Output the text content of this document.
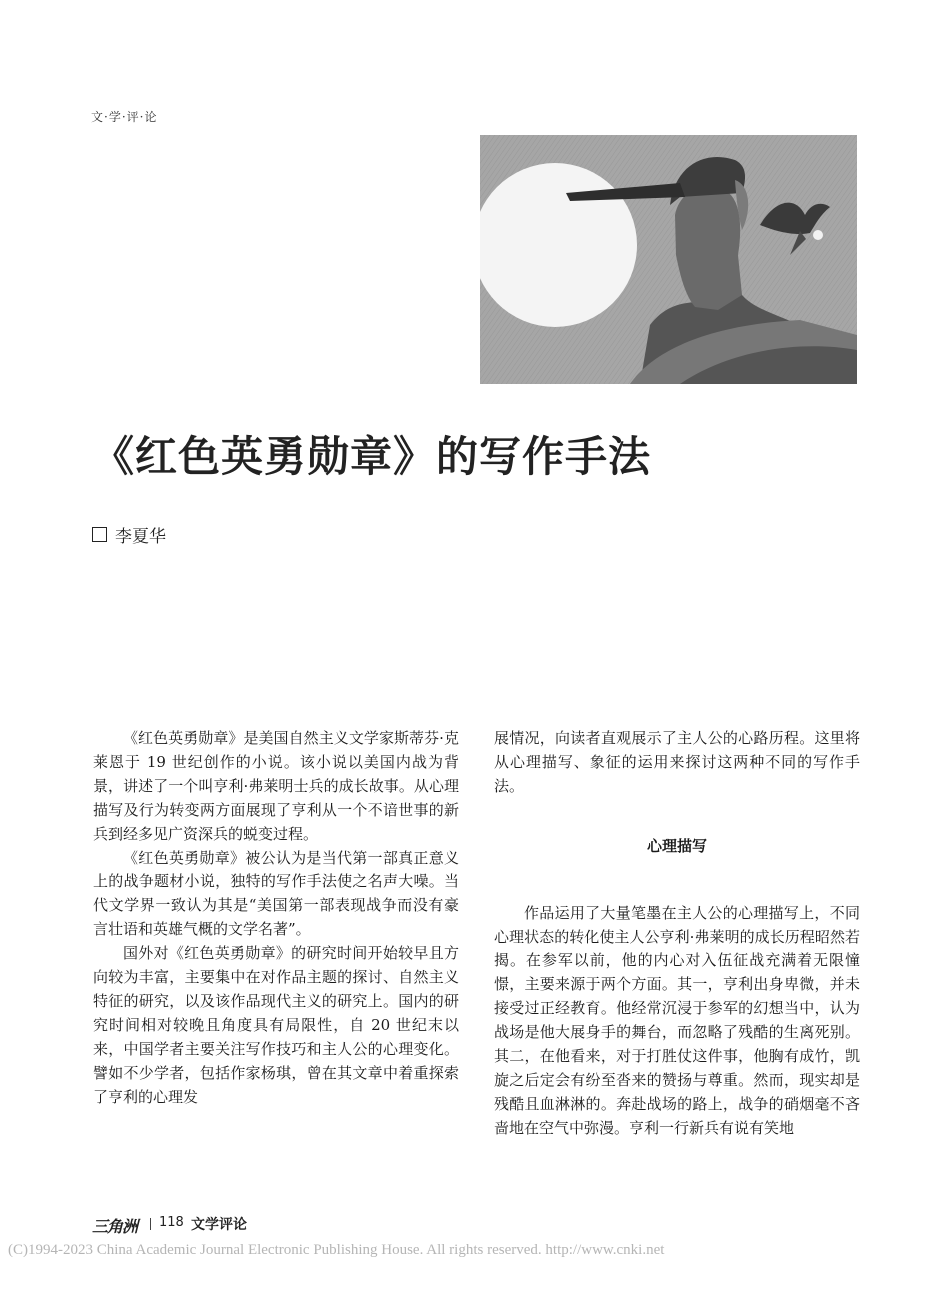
文·学·评·论
《红色英勇勋章》的写作手法
李夏华

《红色英勇勋章》是美国自然主义文学家斯蒂芬·克莱恩于 19 世纪创作的小说。该小说以美国内战为背景，讲述了一个叫亨利·弗莱明士兵的成长故事。从心理描写及行为转变两方面展现了亨利从一个不谙世事的新兵到经多见广资深兵的蜕变过程。

《红色英勇勋章》被公认为是当代第一部真正意义上的战争题材小说，独特的写作手法使之名声大噪。当代文学界一致认为其是“美国第一部表现战争而没有豪言壮语和英雄气概的文学名著”。

国外对《红色英勇勋章》的研究时间开始较早且方向较为丰富，主要集中在对作品主题的探讨、自然主义特征的研究，以及该作品现代主义的研究上。国内的研究时间相对较晚且角度具有局限性，自 20 世纪末以来，中国学者主要关注写作技巧和主人公的心理变化。譬如不少学者，包括作家杨琪，曾在其文章中着重探索了亨利的心理发

展情况，向读者直观展示了主人公的心路历程。这里将从心理描写、象征的运用来探讨这两种不同的写作手法。

心理描写

作品运用了大量笔墨在主人公的心理描写上，不同心理状态的转化使主人公亨利·弗莱明的成长历程昭然若揭。在参军以前，他的内心对入伍征战充满着无限憧憬，主要来源于两个方面。其一，亨利出身卑微，并未接受过正经教育。他经常沉浸于参军的幻想当中，认为战场是他大展身手的舞台，而忽略了残酷的生离死别。其二，在他看来，对于打胜仗这件事，他胸有成竹，凯旋之后定会有纷至沓来的赞扬与尊重。然而，现实却是残酷且血淋淋的。奔赴战场的路上，战争的硝烟毫不吝啬地在空气中弥漫。亨利一行新兵有说有笑地

三角洲 118 文学评论
(C)1994-2023 China Academic Journal Electronic Publishing House. All rights reserved. http://www.cnki.net
